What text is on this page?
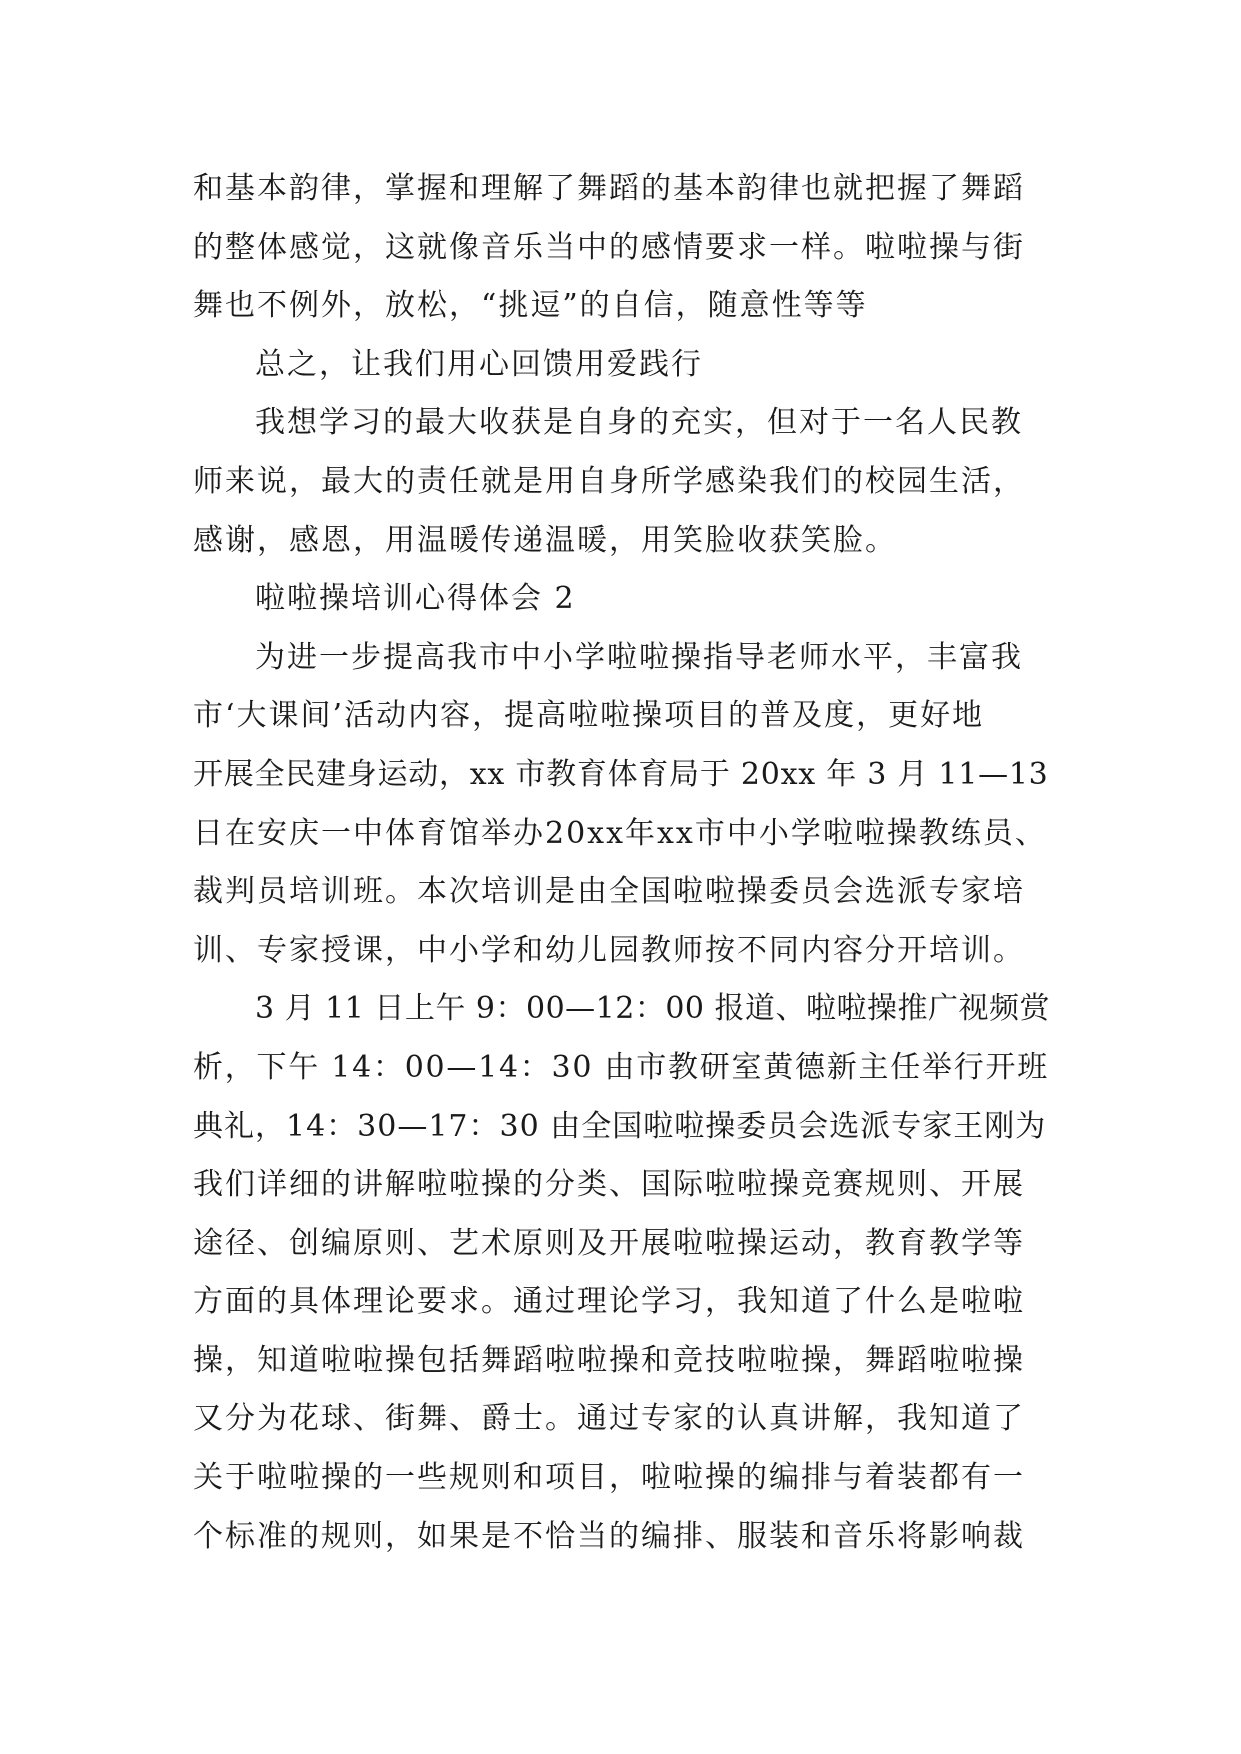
和基本韵律，掌握和理解了舞蹈的基本韵律也就把握了舞蹈
的整体感觉，这就像音乐当中的感情要求一样。啦啦操与街
舞也不例外，放松，“挑逗”的自信，随意性等等
总之，让我们用心回馈用爱践行
我想学习的最大收获是自身的充实，但对于一名人民教
师来说，最大的责任就是用自身所学感染我们的校园生活，
感谢，感恩，用温暖传递温暖，用笑脸收获笑脸。
啦啦操培训心得体会 2
为进一步提高我市中小学啦啦操指导老师水平，丰富我
市‘大课间’活动内容，提高啦啦操项目的普及度，更好地
开展全民建身运动，xx 市教育体育局于 20xx 年 3 月 11—13
日在安庆一中体育馆举办20xx年xx市中小学啦啦操教练员、
裁判员培训班。本次培训是由全国啦啦操委员会选派专家培
训、专家授课，中小学和幼儿园教师按不同内容分开培训。
3 月 11 日上午 9：00—12：00 报道、啦啦操推广视频赏
析，下午 14：00—14：30 由市教研室黄德新主任举行开班
典礼，14：30—17：30 由全国啦啦操委员会选派专家王刚为
我们详细的讲解啦啦操的分类、国际啦啦操竞赛规则、开展
途径、创编原则、艺术原则及开展啦啦操运动，教育教学等
方面的具体理论要求。通过理论学习，我知道了什么是啦啦
操，知道啦啦操包括舞蹈啦啦操和竞技啦啦操，舞蹈啦啦操
又分为花球、街舞、爵士。通过专家的认真讲解，我知道了
关于啦啦操的一些规则和项目，啦啦操的编排与着装都有一
个标准的规则，如果是不恰当的编排、服装和音乐将影响裁
